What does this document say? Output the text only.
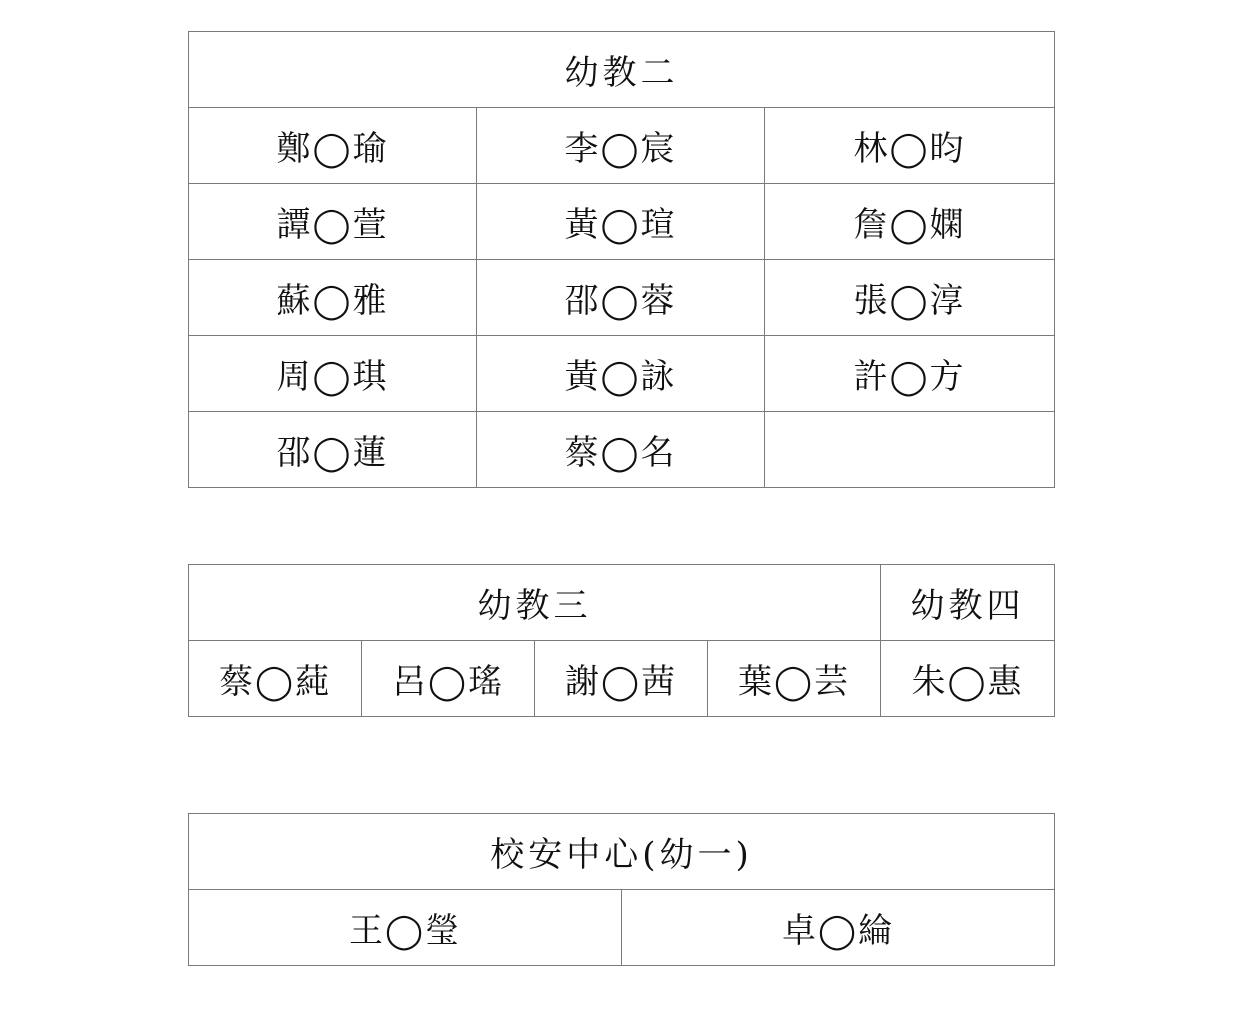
幼教二		
鄭◯瑜	李◯宸	林◯昀
譚◯萱	黃◯瑄	詹◯嫻
蘇◯雅	邵◯蓉	張◯淳
周◯琪	黃◯詠	許◯方
邵◯蓮	蔡◯名	
幼教三				幼教四
蔡◯蒓	呂◯瑤	謝◯茜	葉◯芸	朱◯惠
校安中心(幼一)
王◯瑩	卓◯綸
